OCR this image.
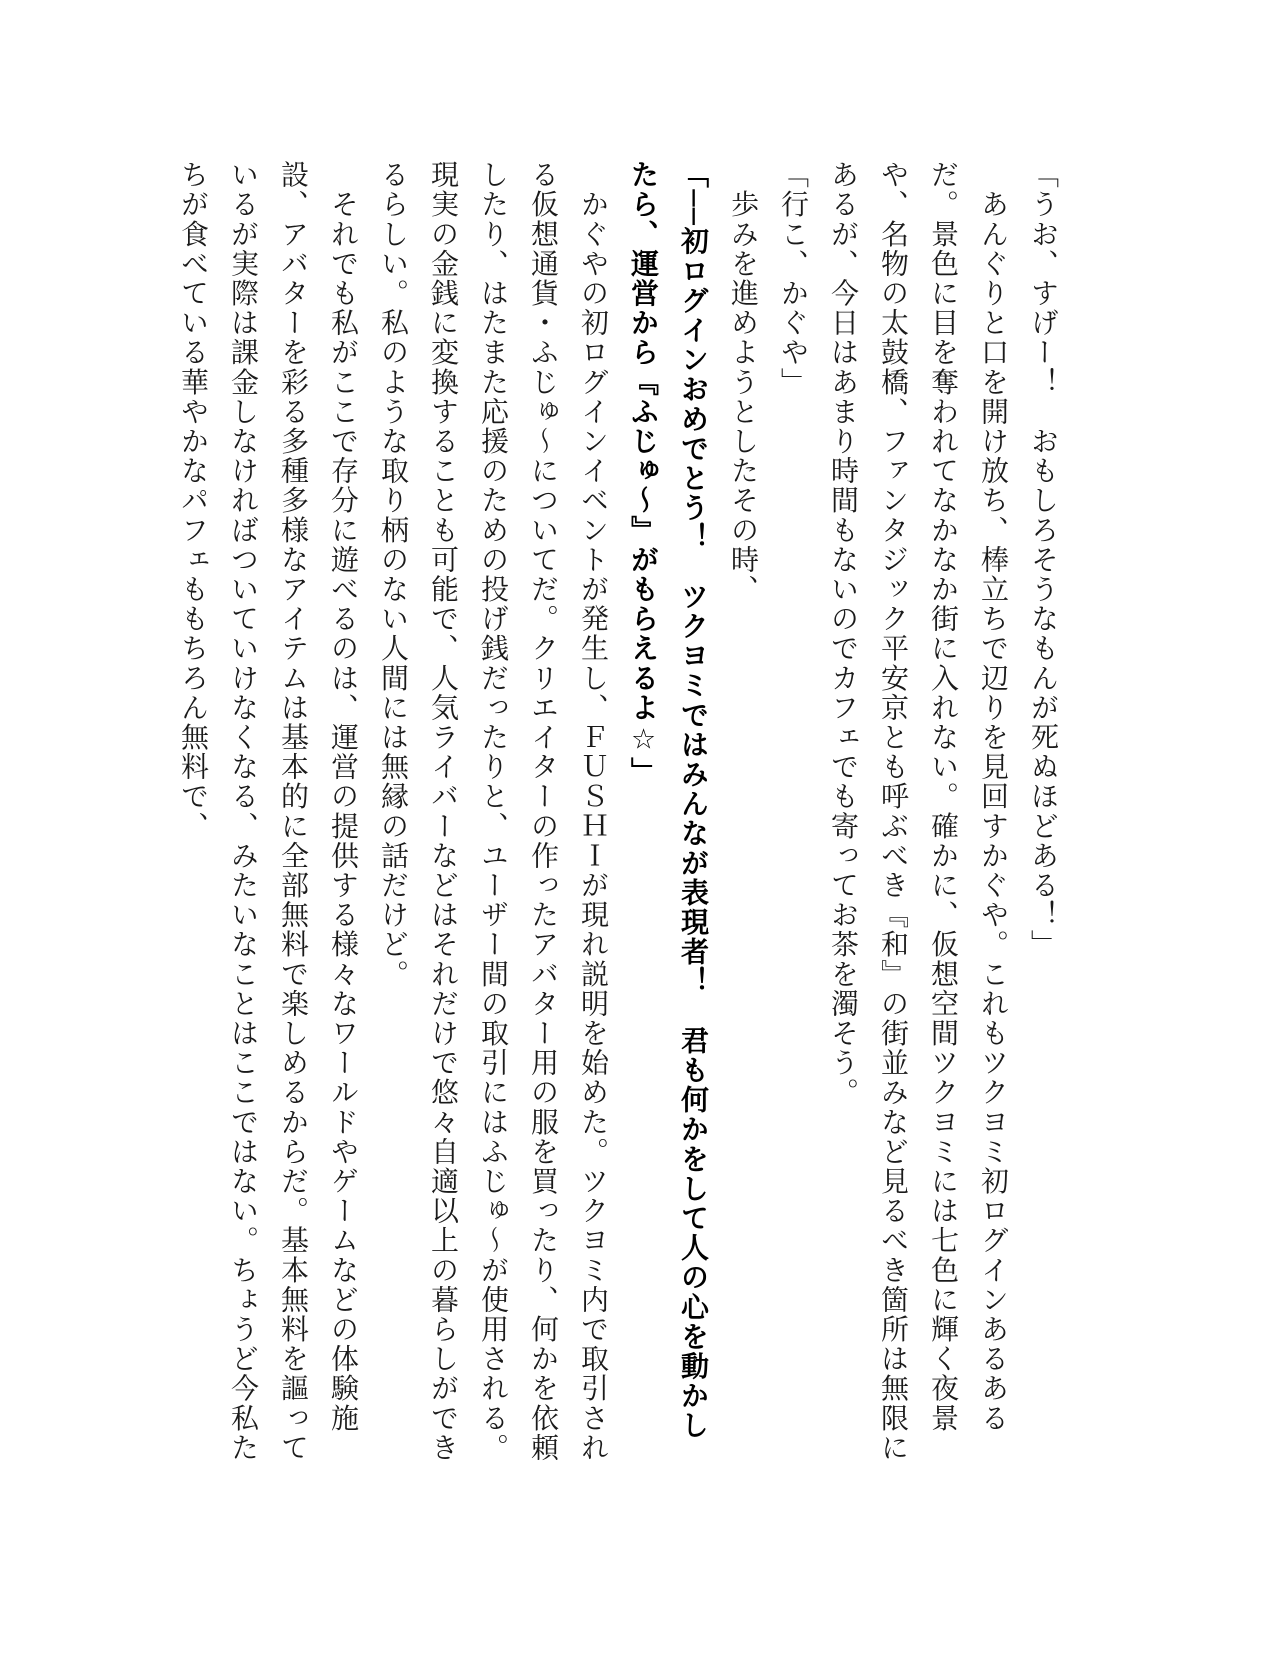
「うお、すげー！　おもしろそうなもんが死ぬほどある！」

　あんぐりと口を開け放ち、棒立ちで辺りを見回すかぐや。これもツクヨミ初ログインあるある

だ。景色に目を奪われてなかなか街に入れない。確かに、仮想空間ツクヨミには七色に輝く夜景

や、名物の太鼓橋、ファンタジック平安京とも呼ぶべき『和』の街並みなど見るべき箇所は無限に

あるが、今日はあまり時間もないのでカフェでも寄ってお茶を濁そう。

「行こ、かぐや」

　歩みを進めようとしたその時、

「──初ログインおめでとう！　ツクヨミではみんなが表現者！　君も何かをして人の心を動かし

たら、運営から『ふじゅ〜』がもらえるよ☆」

　かぐやの初ログインイベントが発生し、ＦＵＳＨＩが現れ説明を始めた。ツクヨミ内で取引され

る仮想通貨・ふじゅ〜についてだ。クリエイターの作ったアバター用の服を買ったり、何かを依頼

したり、はたまた応援のための投げ銭だったりと、ユーザー間の取引にはふじゅ〜が使用される。

現実の金銭に変換することも可能で、人気ライバーなどはそれだけで悠々自適以上の暮らしができ

るらしい。私のような取り柄のない人間には無縁の話だけど。

　それでも私がここで存分に遊べるのは、運営の提供する様々なワールドやゲームなどの体験施

設、アバターを彩る多種多様なアイテムは基本的に全部無料で楽しめるからだ。基本無料を謳って

いるが実際は課金しなければついていけなくなる、みたいなことはここではない。ちょうど今私た

ちが食べている華やかなパフェももちろん無料で、
